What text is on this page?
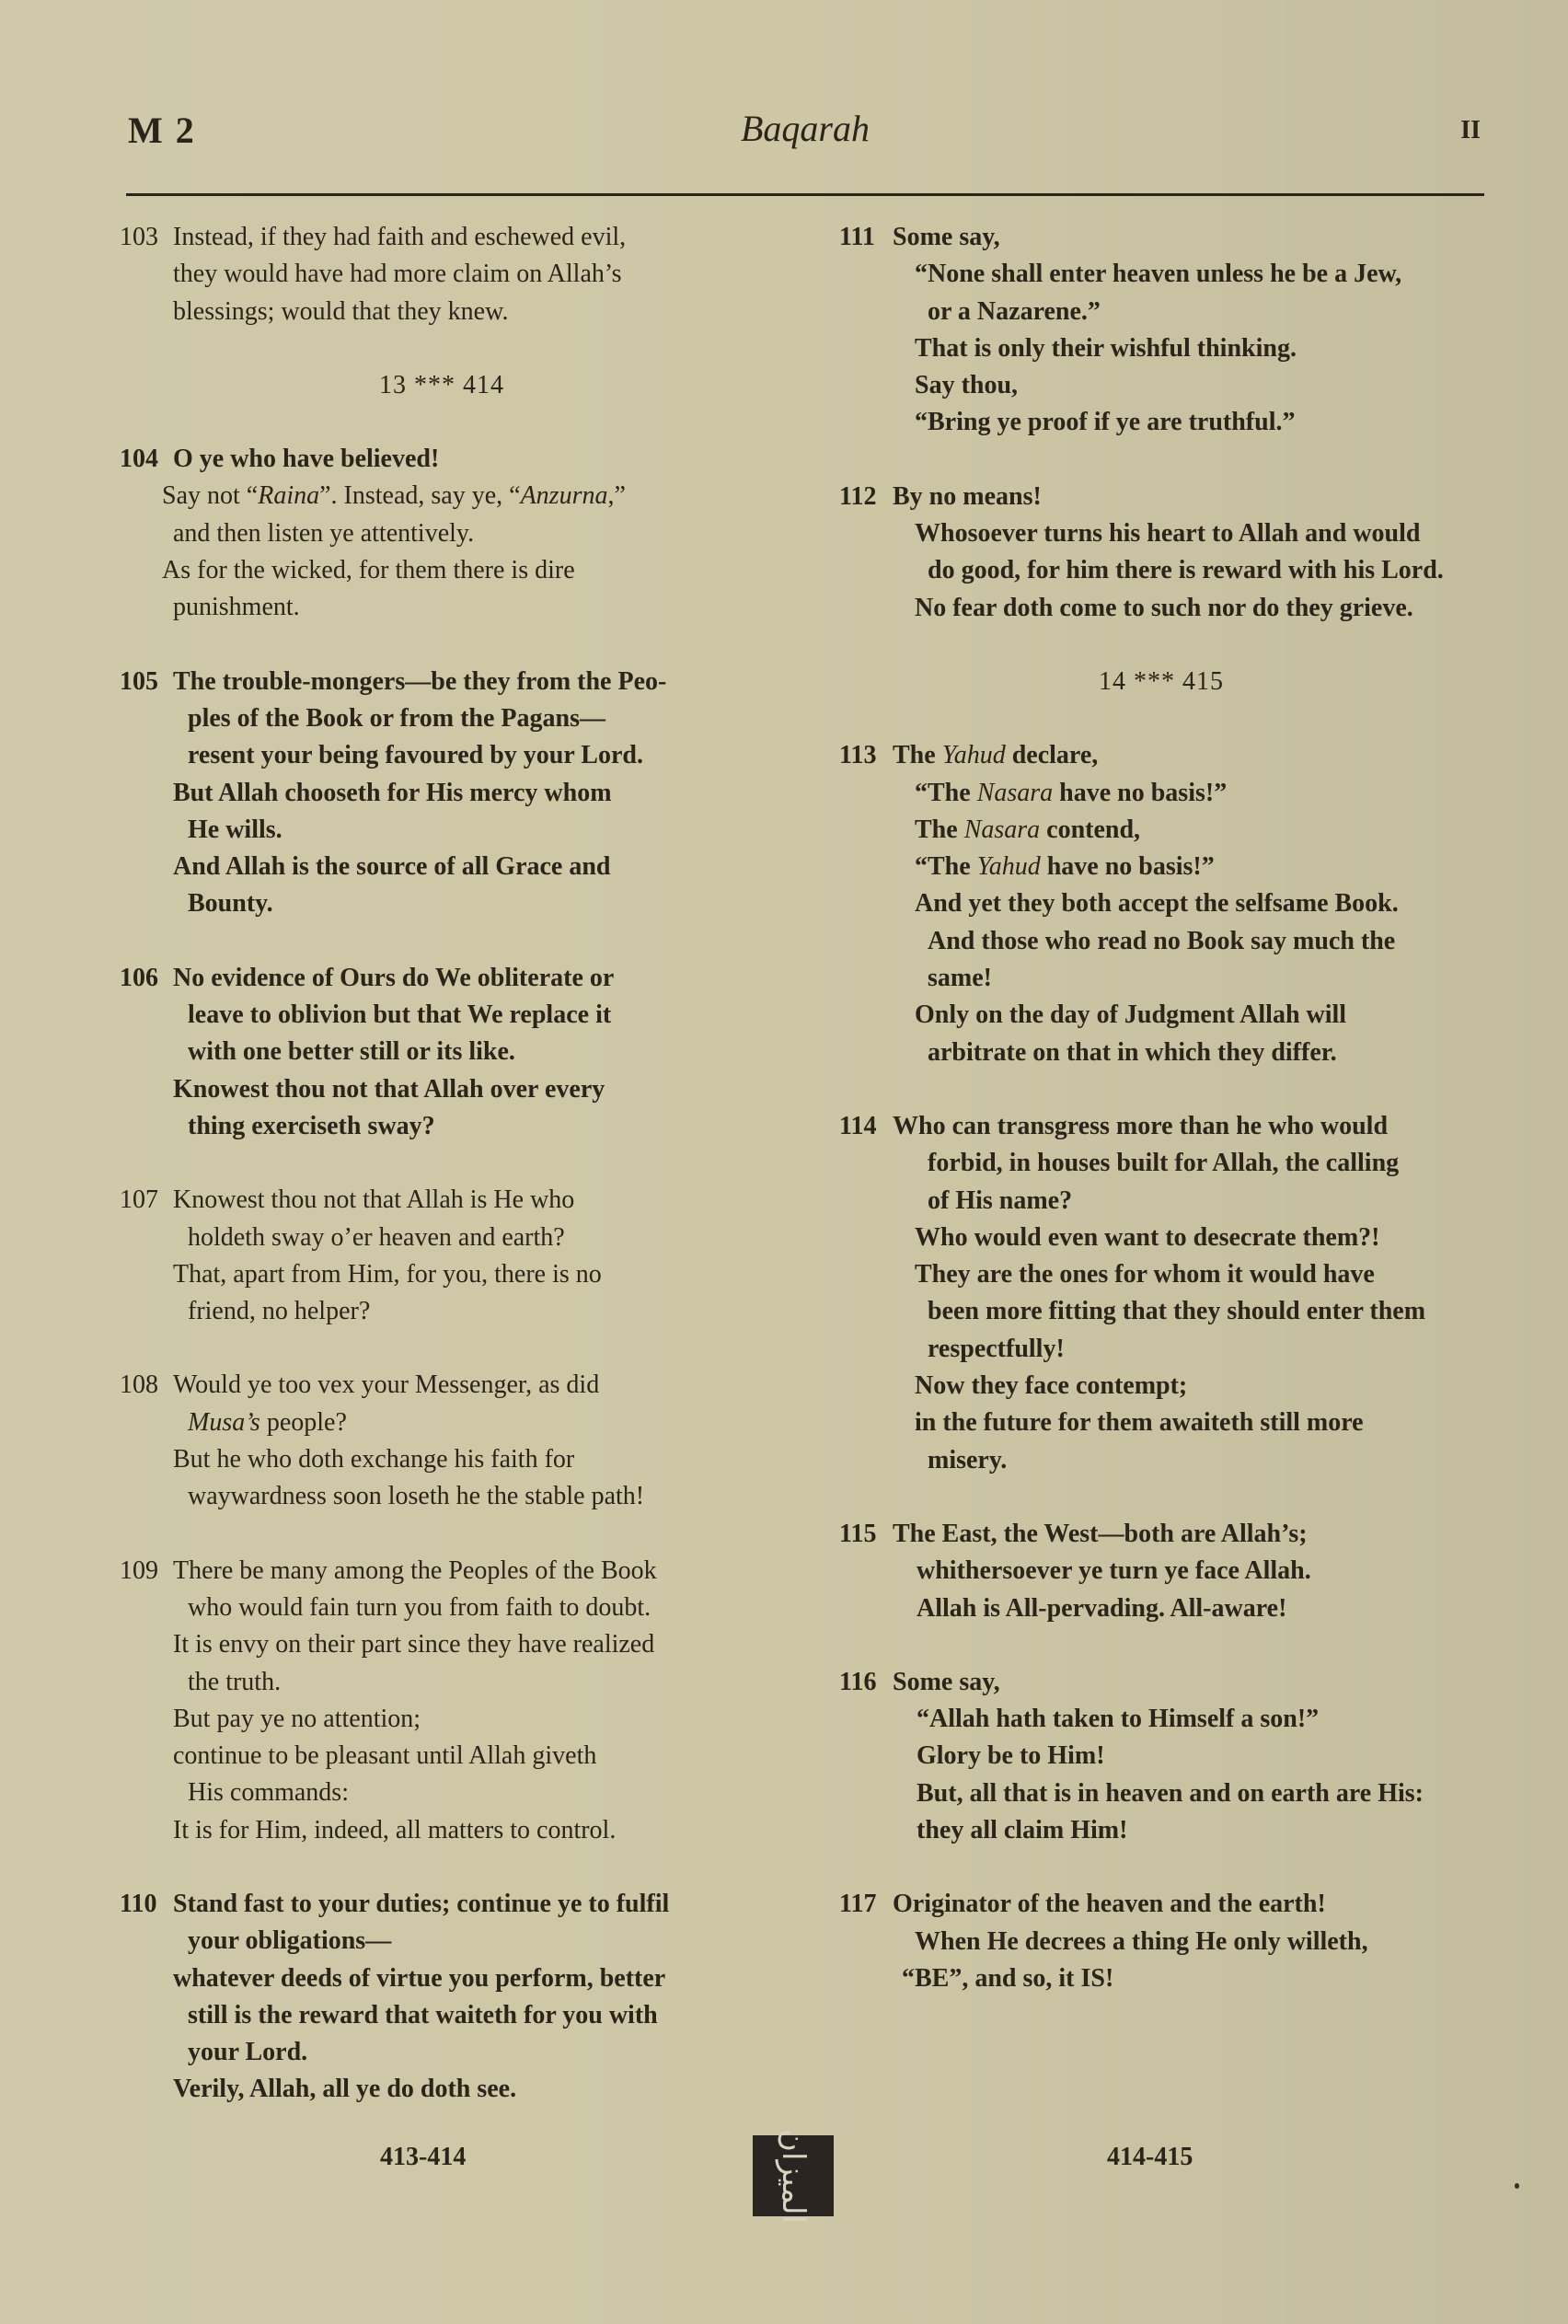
M 2	Baqarah	II
103 Instead, if they had faith and eschewed evil,
they would have had more claim on Allah’s
blessings; would that they knew.
13 *** 414
104 O ye who have believed!
Say not “Raina”. Instead, say ye, “Anzurna,”
and then listen ye attentively.
As for the wicked, for them there is dire
punishment.
105 The trouble-mongers—be they from the Peo-
ples of the Book or from the Pagans—
resent your being favoured by your Lord.
But Allah chooseth for His mercy whom
He wills.
And Allah is the source of all Grace and
Bounty.
106 No evidence of Ours do We obliterate or
leave to oblivion but that We replace it
with one better still or its like.
Knowest thou not that Allah over every
thing exerciseth sway?
107 Knowest thou not that Allah is He who
holdeth sway o’er heaven and earth?
That, apart from Him, for you, there is no
friend, no helper?
108 Would ye too vex your Messenger, as did
Musa’s people?
But he who doth exchange his faith for
waywardness soon loseth he the stable path!
109 There be many among the Peoples of the Book
who would fain turn you from faith to doubt.
It is envy on their part since they have realized
the truth.
But pay ye no attention;
continue to be pleasant until Allah giveth
His commands:
It is for Him, indeed, all matters to control.
110 Stand fast to your duties; continue ye to fulfil
your obligations—
whatever deeds of virtue you perform, better
still is the reward that waiteth for you with
your Lord.
Verily, Allah, all ye do doth see.
111 Some say,
“None shall enter heaven unless he be a Jew,
or a Nazarene.”
That is only their wishful thinking.
Say thou,
“Bring ye proof if ye are truthful.”
112 By no means!
Whosoever turns his heart to Allah and would
do good, for him there is reward with his Lord.
No fear doth come to such nor do they grieve.
14 *** 415
113 The Yahud declare,
“The Nasara have no basis!”
The Nasara contend,
“The Yahud have no basis!”
And yet they both accept the selfsame Book.
And those who read no Book say much the
same!
Only on the day of Judgment Allah will
arbitrate on that in which they differ.
114 Who can transgress more than he who would
forbid, in houses built for Allah, the calling
of His name?
Who would even want to desecrate them?!
They are the ones for whom it would have
been more fitting that they should enter them
respectfully!
Now they face contempt;
in the future for them awaiteth still more
misery.
115 The East, the West—both are Allah’s;
whithersoever ye turn ye face Allah.
Allah is All-pervading. All-aware!
116 Some say,
“Allah hath taken to Himself a son!”
Glory be to Him!
But, all that is in heaven and on earth are His:
they all claim Him!
117 Originator of the heaven and the earth!
When He decrees a thing He only willeth,
“BE”, and so, it IS!
413-414	الميزان	414-415
